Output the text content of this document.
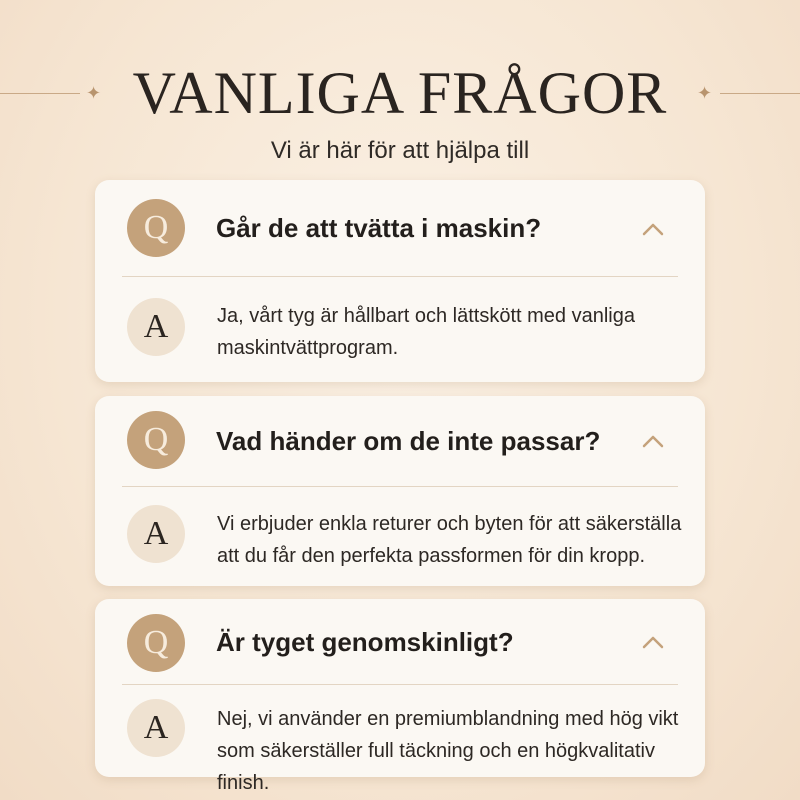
✦ VANLIGA FRÅGOR	✦
Vi är här för att hjälpa till
Q	Går de att tvätta i maskin?
A	Ja, vårt tyg är hållbart och lättskött med vanliga maskintvättprogram.
Q	Vad händer om de inte passar?
A	Vi erbjuder enkla returer och byten för att säkerställa att du får den perfekta passformen för din kropp.
Q	Är tyget genomskinligt?
A	Nej, vi använder en premiumblandning med hög vikt som säkerställer full täckning och en högkvalitativ finish.
